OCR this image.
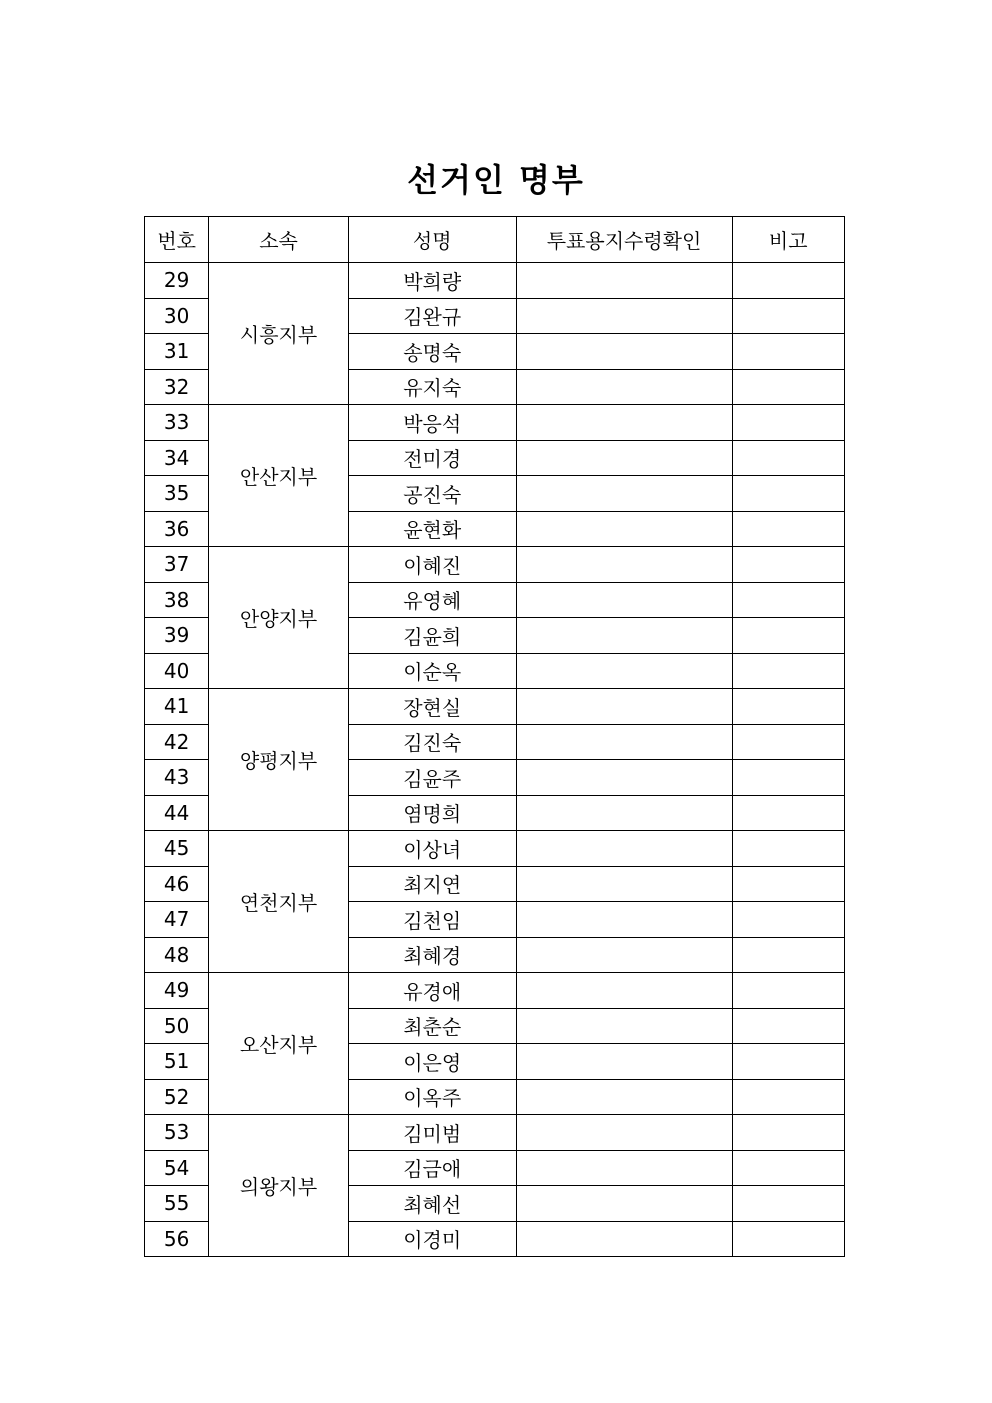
선거인 명부
번호	소속	성명	투표용지수령확인	비고
29	시흥지부	박희량		
30		김완규		
31		송명숙		
32		유지숙		
33	안산지부	박응석		
34		전미경		
35		공진숙		
36		윤현화		
37	안양지부	이혜진		
38		유영혜		
39		김윤희		
40		이순옥		
41	양평지부	장현실		
42		김진숙		
43		김윤주		
44		염명희		
45	연천지부	이상녀		
46		최지연		
47		김천임		
48		최혜경		
49	오산지부	유경애		
50		최춘순		
51		이은영		
52		이옥주		
53	의왕지부	김미범		
54		김금애		
55		최혜선		
56		이경미		
